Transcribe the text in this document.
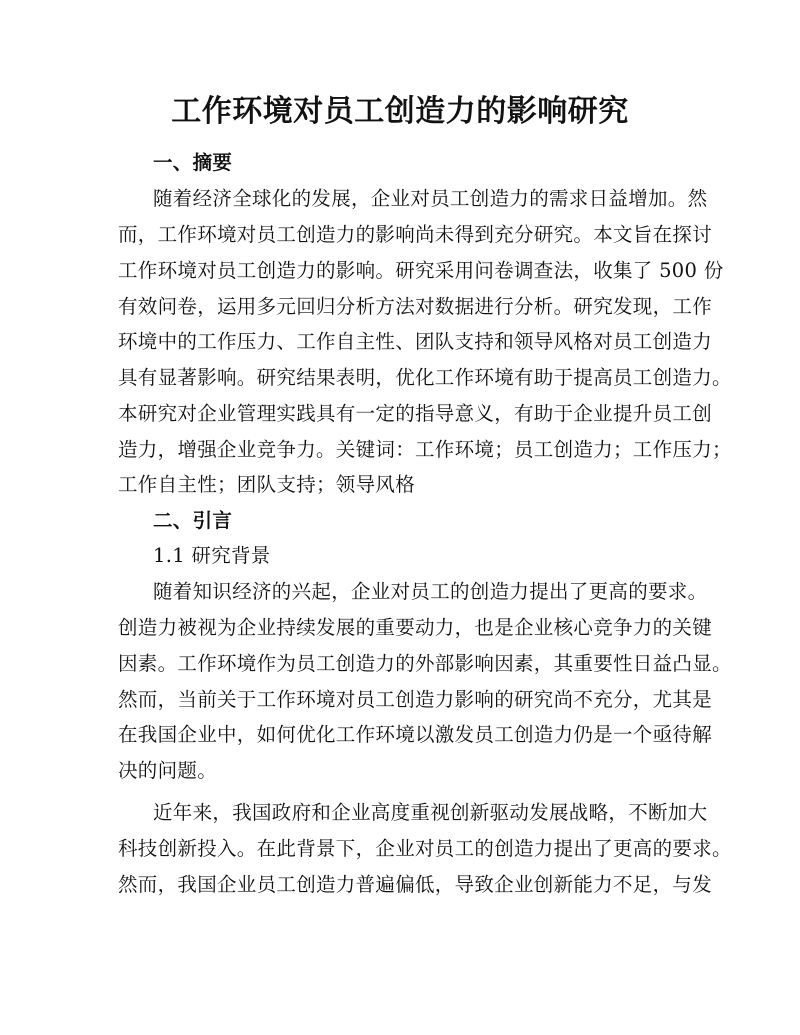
工作环境对员工创造力的影响研究

一、摘要

随着经济全球化的发展，企业对员工创造力的需求日益增加。然

而，工作环境对员工创造力的影响尚未得到充分研究。本文旨在探讨

工作环境对员工创造力的影响。研究采用问卷调查法，收集了 500 份

有效问卷，运用多元回归分析方法对数据进行分析。研究发现，工作

环境中的工作压力、工作自主性、团队支持和领导风格对员工创造力

具有显著影响。研究结果表明，优化工作环境有助于提高员工创造力。

本研究对企业管理实践具有一定的指导意义，有助于企业提升员工创

造力，增强企业竞争力。关键词：工作环境；员工创造力；工作压力；

工作自主性；团队支持；领导风格

二、引言

1.1 研究背景

随着知识经济的兴起，企业对员工的创造力提出了更高的要求。

创造力被视为企业持续发展的重要动力，也是企业核心竞争力的关键

因素。工作环境作为员工创造力的外部影响因素，其重要性日益凸显。

然而，当前关于工作环境对员工创造力影响的研究尚不充分，尤其是

在我国企业中，如何优化工作环境以激发员工创造力仍是一个亟待解

决的问题。

近年来，我国政府和企业高度重视创新驱动发展战略，不断加大

科技创新投入。在此背景下，企业对员工的创造力提出了更高的要求。

然而，我国企业员工创造力普遍偏低，导致企业创新能力不足，与发
